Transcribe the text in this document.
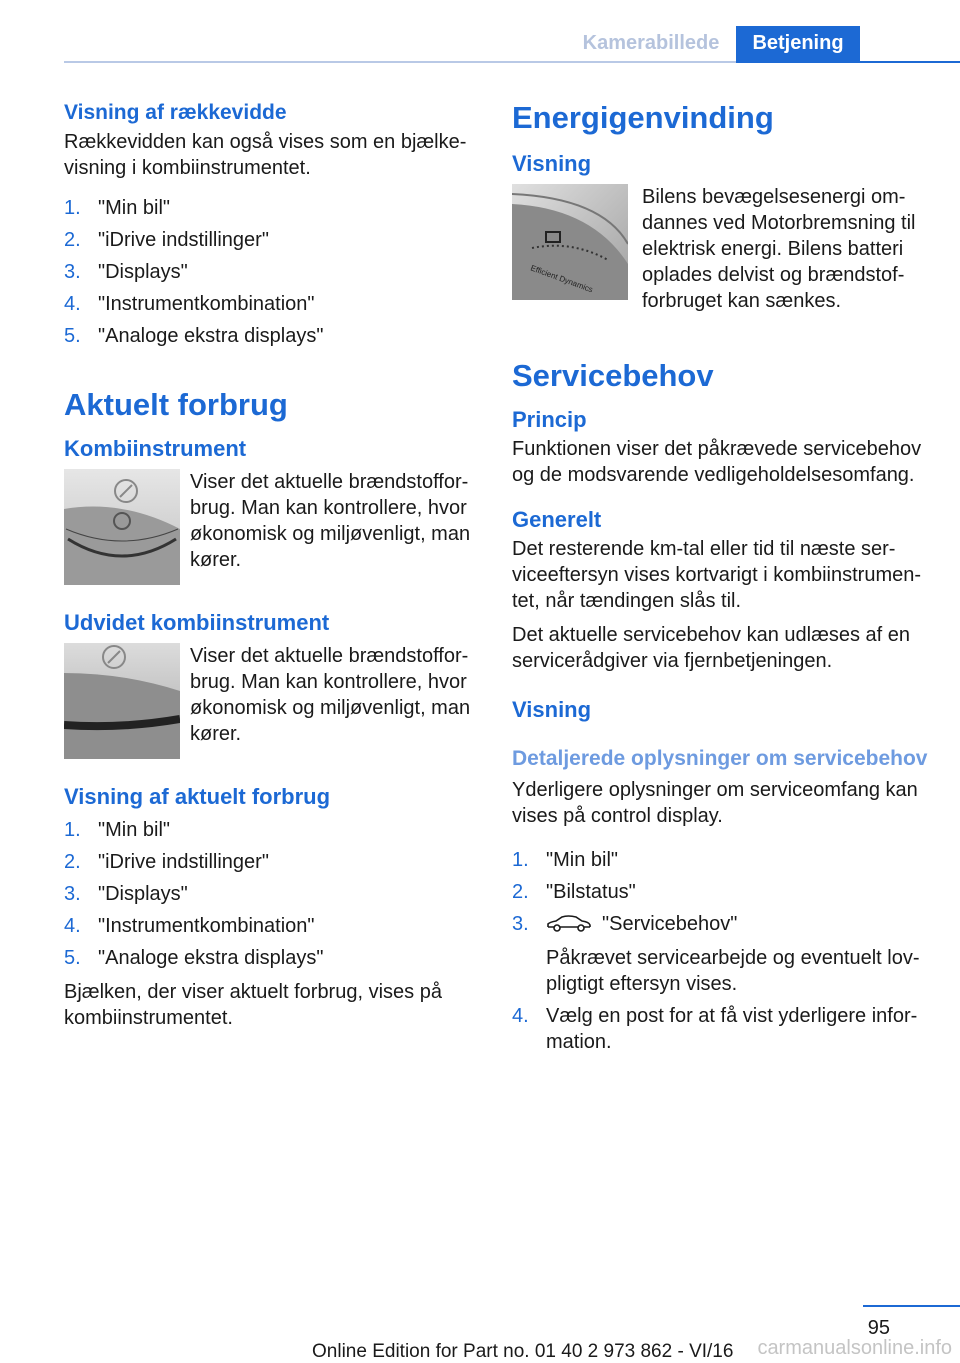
Kamerabillede	Betjening
Visning af rækkevidde

Rækkevidden kan også vises som en bjælke-visning i kombiinstrumentet.

1. "Min bil"
2. "iDrive indstillinger"
3. "Displays"
4. "Instrumentkombination"
5. "Analoge ekstra displays"
Aktuelt forbrug
Kombiinstrument
Viser det aktuelle brændstoffor-brug. Man kan kontrollere, hvor økonomisk og miljøvenligt, man kører.
Udvidet kombiinstrument
Viser det aktuelle brændstoffor-brug. Man kan kontrollere, hvor økonomisk og miljøvenligt, man kører.
Visning af aktuelt forbrug
1. "Min bil"
2. "iDrive indstillinger"
3. "Displays"
4. "Instrumentkombination"
5. "Analoge ekstra displays"

Bjælken, der viser aktuelt forbrug, vises på kombiinstrumentet.

Energigenvinding
Visning
Efficient Dynamics
Bilens bevægelsesenergi om-dannes ved Motorbremsning til elektrisk energi. Bilens batteri oplades delvist og brændstof-forbruget kan sænkes.
Servicebehov
Princip

Funktionen viser det påkrævede servicebehov og de modsvarende vedligeholdelsesomfang.

Generelt

Det resterende km-tal eller tid til næste ser-viceeftersyn vises kortvarigt i kombiinstrumen-tet, når tændingen slås til.

Det aktuelle servicebehov kan udlæses af en servicerådgiver via fjernbetjeningen.

Visning
Detaljerede oplysninger om servicebehov

Yderligere oplysninger om serviceomfang kan vises på control display.

1. "Min bil"
2. "Bilstatus"
3.	"Servicebehov"
Påkrævet servicearbejde og eventuelt lov-pligtigt eftersyn vises.
4. Vælg en post for at få vist yderligere infor-mation.
95
Online Edition for Part no. 01 40 2 973 862 - VI/16 carmanualsonline.info
